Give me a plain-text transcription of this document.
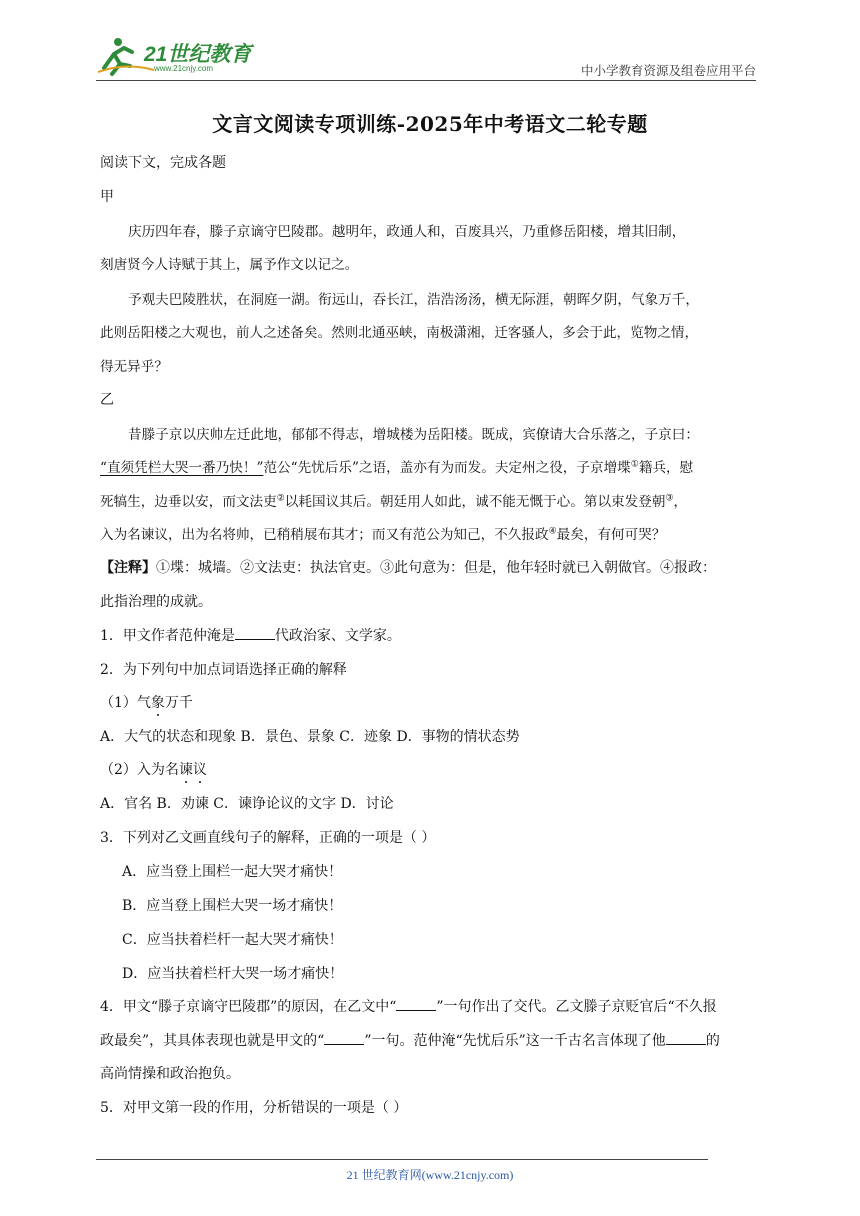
21世纪教育
www.21cnjy.com	中小学教育资源及组卷应用平台
文言文阅读专项训练-2025年中考语文二轮专题
阅读下文，完成各题
甲
庆历四年春，滕子京谪守巴陵郡。越明年，政通人和，百废具兴，乃重修岳阳楼，增其旧制，
刻唐贤今人诗赋于其上，属予作文以记之。
予观夫巴陵胜状，在洞庭一湖。衔远山，吞长江，浩浩汤汤，横无际涯，朝晖夕阴，气象万千，
此则岳阳楼之大观也，前人之述备矣。然则北通巫峡，南极潇湘，迁客骚人，多会于此，览物之情，
得无异乎？
乙
昔滕子京以庆帅左迁此地，郁郁不得志，增城楼为岳阳楼。既成，宾僚请大合乐落之，子京曰：
“直须凭栏大哭一番乃快！”范公“先忧后乐”之语，盖亦有为而发。夫定州之役，子京增堞①籍兵，慰
死犒生，边垂以安，而文法吏②以耗国议其后。朝廷用人如此，诚不能无慨于心。第以束发登朝③，
入为名谏议，出为名将帅，已稍稍展布其才；而又有范公为知己，不久报政④最矣，有何可哭？
【注释】①堞：城墙。②文法吏：执法官吏。③此句意为：但是，他年轻时就已入朝做官。④报政：
此指治理的成就。
1．甲文作者范仲淹是	代政治家、文学家。
2．为下列句中加点词语选择正确的解释
（1）气象万千
A．大气的状态和现象 B．景色、景象 C．迹象 D．事物的情状态势
（2）入为名谏议
A．官名 B．劝谏 C．谏诤论议的文字 D．讨论
3．下列对乙文画直线句子的解释，正确的一项是（ ）
A．应当登上围栏一起大哭才痛快！
B．应当登上围栏大哭一场才痛快！
C．应当扶着栏杆一起大哭才痛快！
D．应当扶着栏杆大哭一场才痛快！
4．甲文“滕子京谪守巴陵郡”的原因，在乙文中“	”一句作出了交代。乙文滕子京贬官后“不久报
政最矣”，其具体表现也就是甲文的“	”一句。范仲淹“先忧后乐”这一千古名言体现了他	的
高尚情操和政治抱负。
5．对甲文第一段的作用，分析错误的一项是（ ）
21 世纪教育网(www.21cnjy.com)
